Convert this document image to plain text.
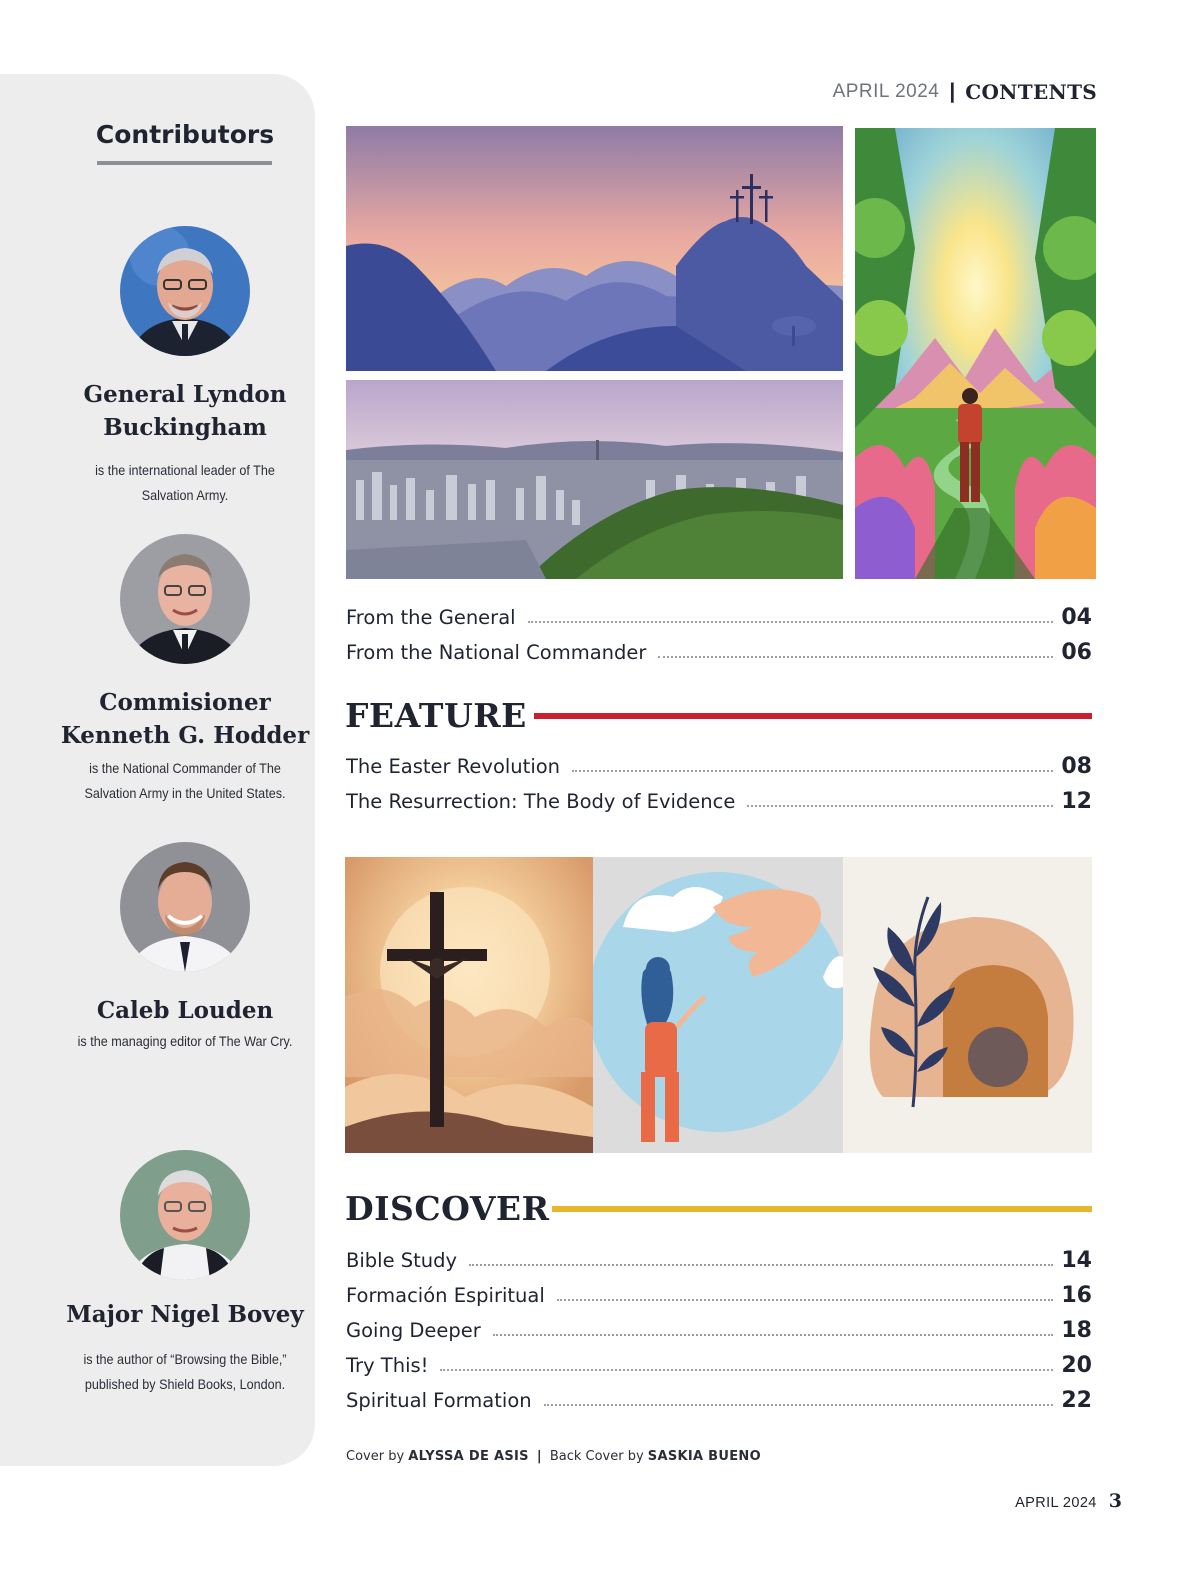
Contributors
General Lyndon
Buckingham
is the international leader of The
Salvation Army.
Commisioner
Kenneth G. Hodder
is the National Commander of The
Salvation Army in the United States.
Caleb Louden
is the managing editor of The War Cry.
Major Nigel Bovey
is the author of “Browsing the Bible,”
published by Shield Books, London.
APRIL 2024 | CONTENTS
From the General	04
From the National Commander	06
FEATURE
The Easter Revolution	08
The Resurrection: The Body of Evidence	12
DISCOVER
Bible Study	14
Formación Espiritual	16
Going Deeper	18
Try This!	20
Spiritual Formation	22
Cover by ALYSSA DE ASIS | Back Cover by SASKIA BUENO
APRIL 2024 3
